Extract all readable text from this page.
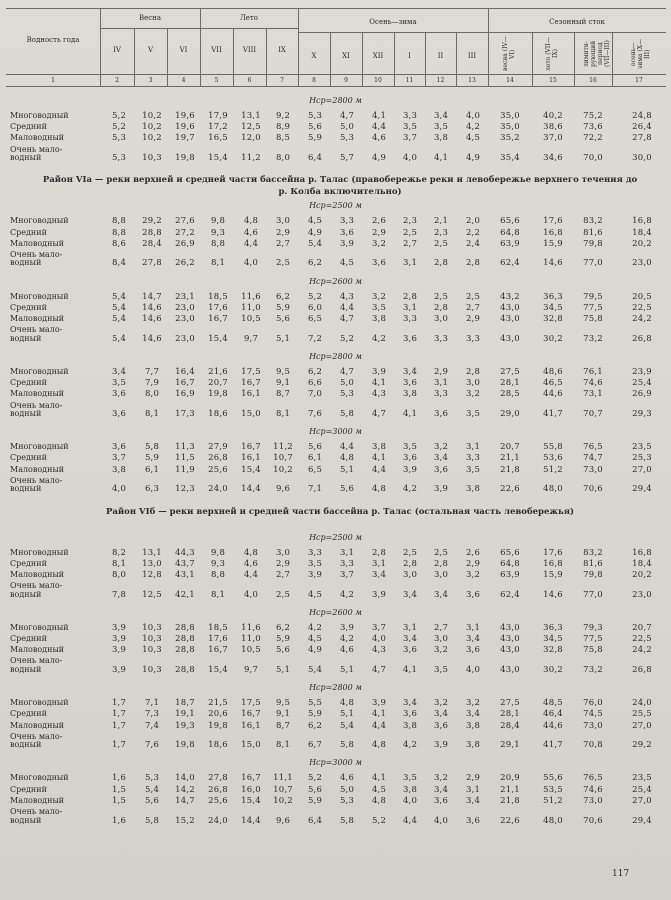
Водность года
Весна	Лето	Осень—зима	Сезонный сток
IV	V	VI	VII	VIII	IX
X	XI	XII	I	II	III	весна (IV—VI)	лето (VII—IX)	лимити-рующий период (VII—III)	осень—зима (X—III)
1	2	3	4	5	6	7	8	9	10	11	12	13	14	15	16	17
Hср=2800 м
Многоводный	5,2	10,2	19,6	17,9	13,1	9,2	5,3	4,7	4,1	3,3	3,4	4,0	35,0	40,2	75,2	24,8
Средний	5,2	10,2	19,6	17,2	12,5	8,9	5,6	5,0	4,4	3,5	3,5	4,2	35,0	38,6	73,6	26,4
Маловодный	5,3	10,2	19,7	16,5	12,0	8,5	5,9	5,3	4,6	3,7	3,8	4,5	35,2	37,0	72,2	27,8
Очень мало-
водный	5,3	10,3	19,8	15,4	11,2	8,0	6,4	5,7	4,9	4,0	4,1	4,9	35,4	34,6	70,0	30,0
Район VIа — реки верхней и средней части бассейна р. Талас (правобережье реки и левобережье верхнего течения до р. Колба включительно)
Hср=2500 м
Многоводный	8,8	29,2	27,6	9,8	4,8	3,0	4,5	3,3	2,6	2,3	2,1	2,0	65,6	17,6	83,2	16,8
Средний	8,8	28,8	27,2	9,3	4,6	2,9	4,9	3,6	2,9	2,5	2,3	2,2	64,8	16,8	81,6	18,4
Маловодный	8,6	28,4	26,9	8,8	4,4	2,7	5,4	3,9	3,2	2,7	2,5	2,4	63,9	15,9	79,8	20,2
Очень мало-
водный	8,4	27,8	26,2	8,1	4,0	2,5	6,2	4,5	3,6	3,1	2,8	2,8	62,4	14,6	77,0	23,0
Hср=2600 м
Многоводный	5,4	14,7	23,1	18,5	11,6	6,2	5,2	4,3	3,2	2,8	2,5	2,5	43,2	36,3	79,5	20,5
Средний	5,4	14,6	23,0	17,6	11,0	5,9	6,0	4,4	3,5	3,1	2,8	2,7	43,0	34,5	77,5	22,5
Маловодный	5,4	14,6	23,0	16,7	10,5	5,6	6,5	4,7	3,8	3,3	3,0	2,9	43,0	32,8	75,8	24,2
Очень мало-
водный	5,4	14,6	23,0	15,4	9,7	5,1	7,2	5,2	4,2	3,6	3,3	3,3	43,0	30,2	73,2	26,8
Hср=2800 м
Многоводный	3,4	7,7	16,4	21,6	17,5	9,5	6,2	4,7	3,9	3,4	2,9	2,8	27,5	48,6	76,1	23,9
Средний	3,5	7,9	16,7	20,7	16,7	9,1	6,6	5,0	4,1	3,6	3,1	3,0	28,1	46,5	74,6	25,4
Маловодный	3,6	8,0	16,9	19,8	16,1	8,7	7,0	5,3	4,3	3,8	3,3	3,2	28,5	44,6	73,1	26,9
Очень мало-
водный	3,6	8,1	17,3	18,6	15,0	8,1	7,6	5,8	4,7	4,1	3,6	3,5	29,0	41,7	70,7	29,3
Hср=3000 м
Многоводный	3,6	5,8	11,3	27,9	16,7	11,2	5,6	4,4	3,8	3,5	3,2	3,1	20,7	55,8	76,5	23,5
Средний	3,7	5,9	11,5	26,8	16,1	10,7	6,1	4,8	4,1	3,6	3,4	3,3	21,1	53,6	74,7	25,3
Маловодный	3,8	6,1	11,9	25,6	15,4	10,2	6,5	5,1	4,4	3,9	3,6	3,5	21,8	51,2	73,0	27,0
Очень мало-
водный	4,0	6,3	12,3	24,0	14,4	9,6	7,1	5,6	4,8	4,2	3,9	3,8	22,6	48,0	70,6	29,4
Район VIб — реки верхней и средней части бассейна р. Талас (остальная часть левобережья)
Hср=2500 м
Многоводный	8,2	13,1	44,3	9,8	4,8	3,0	3,3	3,1	2,8	2,5	2,5	2,6	65,6	17,6	83,2	16,8
Средний	8,1	13,0	43,7	9,3	4,6	2,9	3,5	3,3	3,1	2,8	2,8	2,9	64,8	16,8	81,6	18,4
Маловодный	8,0	12,8	43,1	8,8	4,4	2,7	3,9	3,7	3,4	3,0	3,0	3,2	63,9	15,9	79,8	20,2
Очень мало-
водный	7,8	12,5	42,1	8,1	4,0	2,5	4,5	4,2	3,9	3,4	3,4	3,6	62,4	14,6	77,0	23,0
Hср=2600 м
Многоводный	3,9	10,3	28,8	18,5	11,6	6,2	4,2	3,9	3,7	3,1	2,7	3,1	43,0	36,3	79,3	20,7
Средний	3,9	10,3	28,8	17,6	11,0	5,9	4,5	4,2	4,0	3,4	3,0	3,4	43,0	34,5	77,5	22,5
Маловодный	3,9	10,3	28,8	16,7	10,5	5,6	4,9	4,6	4,3	3,6	3,2	3,6	43,0	32,8	75,8	24,2
Очень мало-
водный	3,9	10,3	28,8	15,4	9,7	5,1	5,4	5,1	4,7	4,1	3,5	4,0	43,0	30,2	73,2	26,8
Hср=2800 м
Многоводный	1,7	7,1	18,7	21,5	17,5	9,5	5,5	4,8	3,9	3,4	3,2	3,2	27,5	48,5	76,0	24,0
Средний	1,7	7,3	19,1	20,6	16,7	9,1	5,9	5,1	4,1	3,6	3,4	3,4	28,1	46,4	74,5	25,5
Маловодный	1,7	7,4	19,3	19,8	16,1	8,7	6,2	5,4	4,4	3,8	3,6	3,8	28,4	44,6	73,0	27,0
Очень мало-
водный	1,7	7,6	19,8	18,6	15,0	8,1	6,7	5,8	4,8	4,2	3,9	3,8	29,1	41,7	70,8	29,2
Hср=3000 м
Многоводный	1,6	5,3	14,0	27,8	16,7	11,1	5,2	4,6	4,1	3,5	3,2	2,9	20,9	55,6	76,5	23,5
Средний	1,5	5,4	14,2	26,8	16,0	10,7	5,6	5,0	4,5	3,8	3,4	3,1	21,1	53,5	74,6	25,4
Маловодный	1,5	5,6	14,7	25,6	15,4	10,2	5,9	5,3	4,8	4,0	3,6	3,4	21,8	51,2	73,0	27,0
Очень мало-
водный	1,6	5,8	15,2	24,0	14,4	9,6	6,4	5,8	5,2	4,4	4,0	3,6	22,6	48,0	70,6	29,4
117
